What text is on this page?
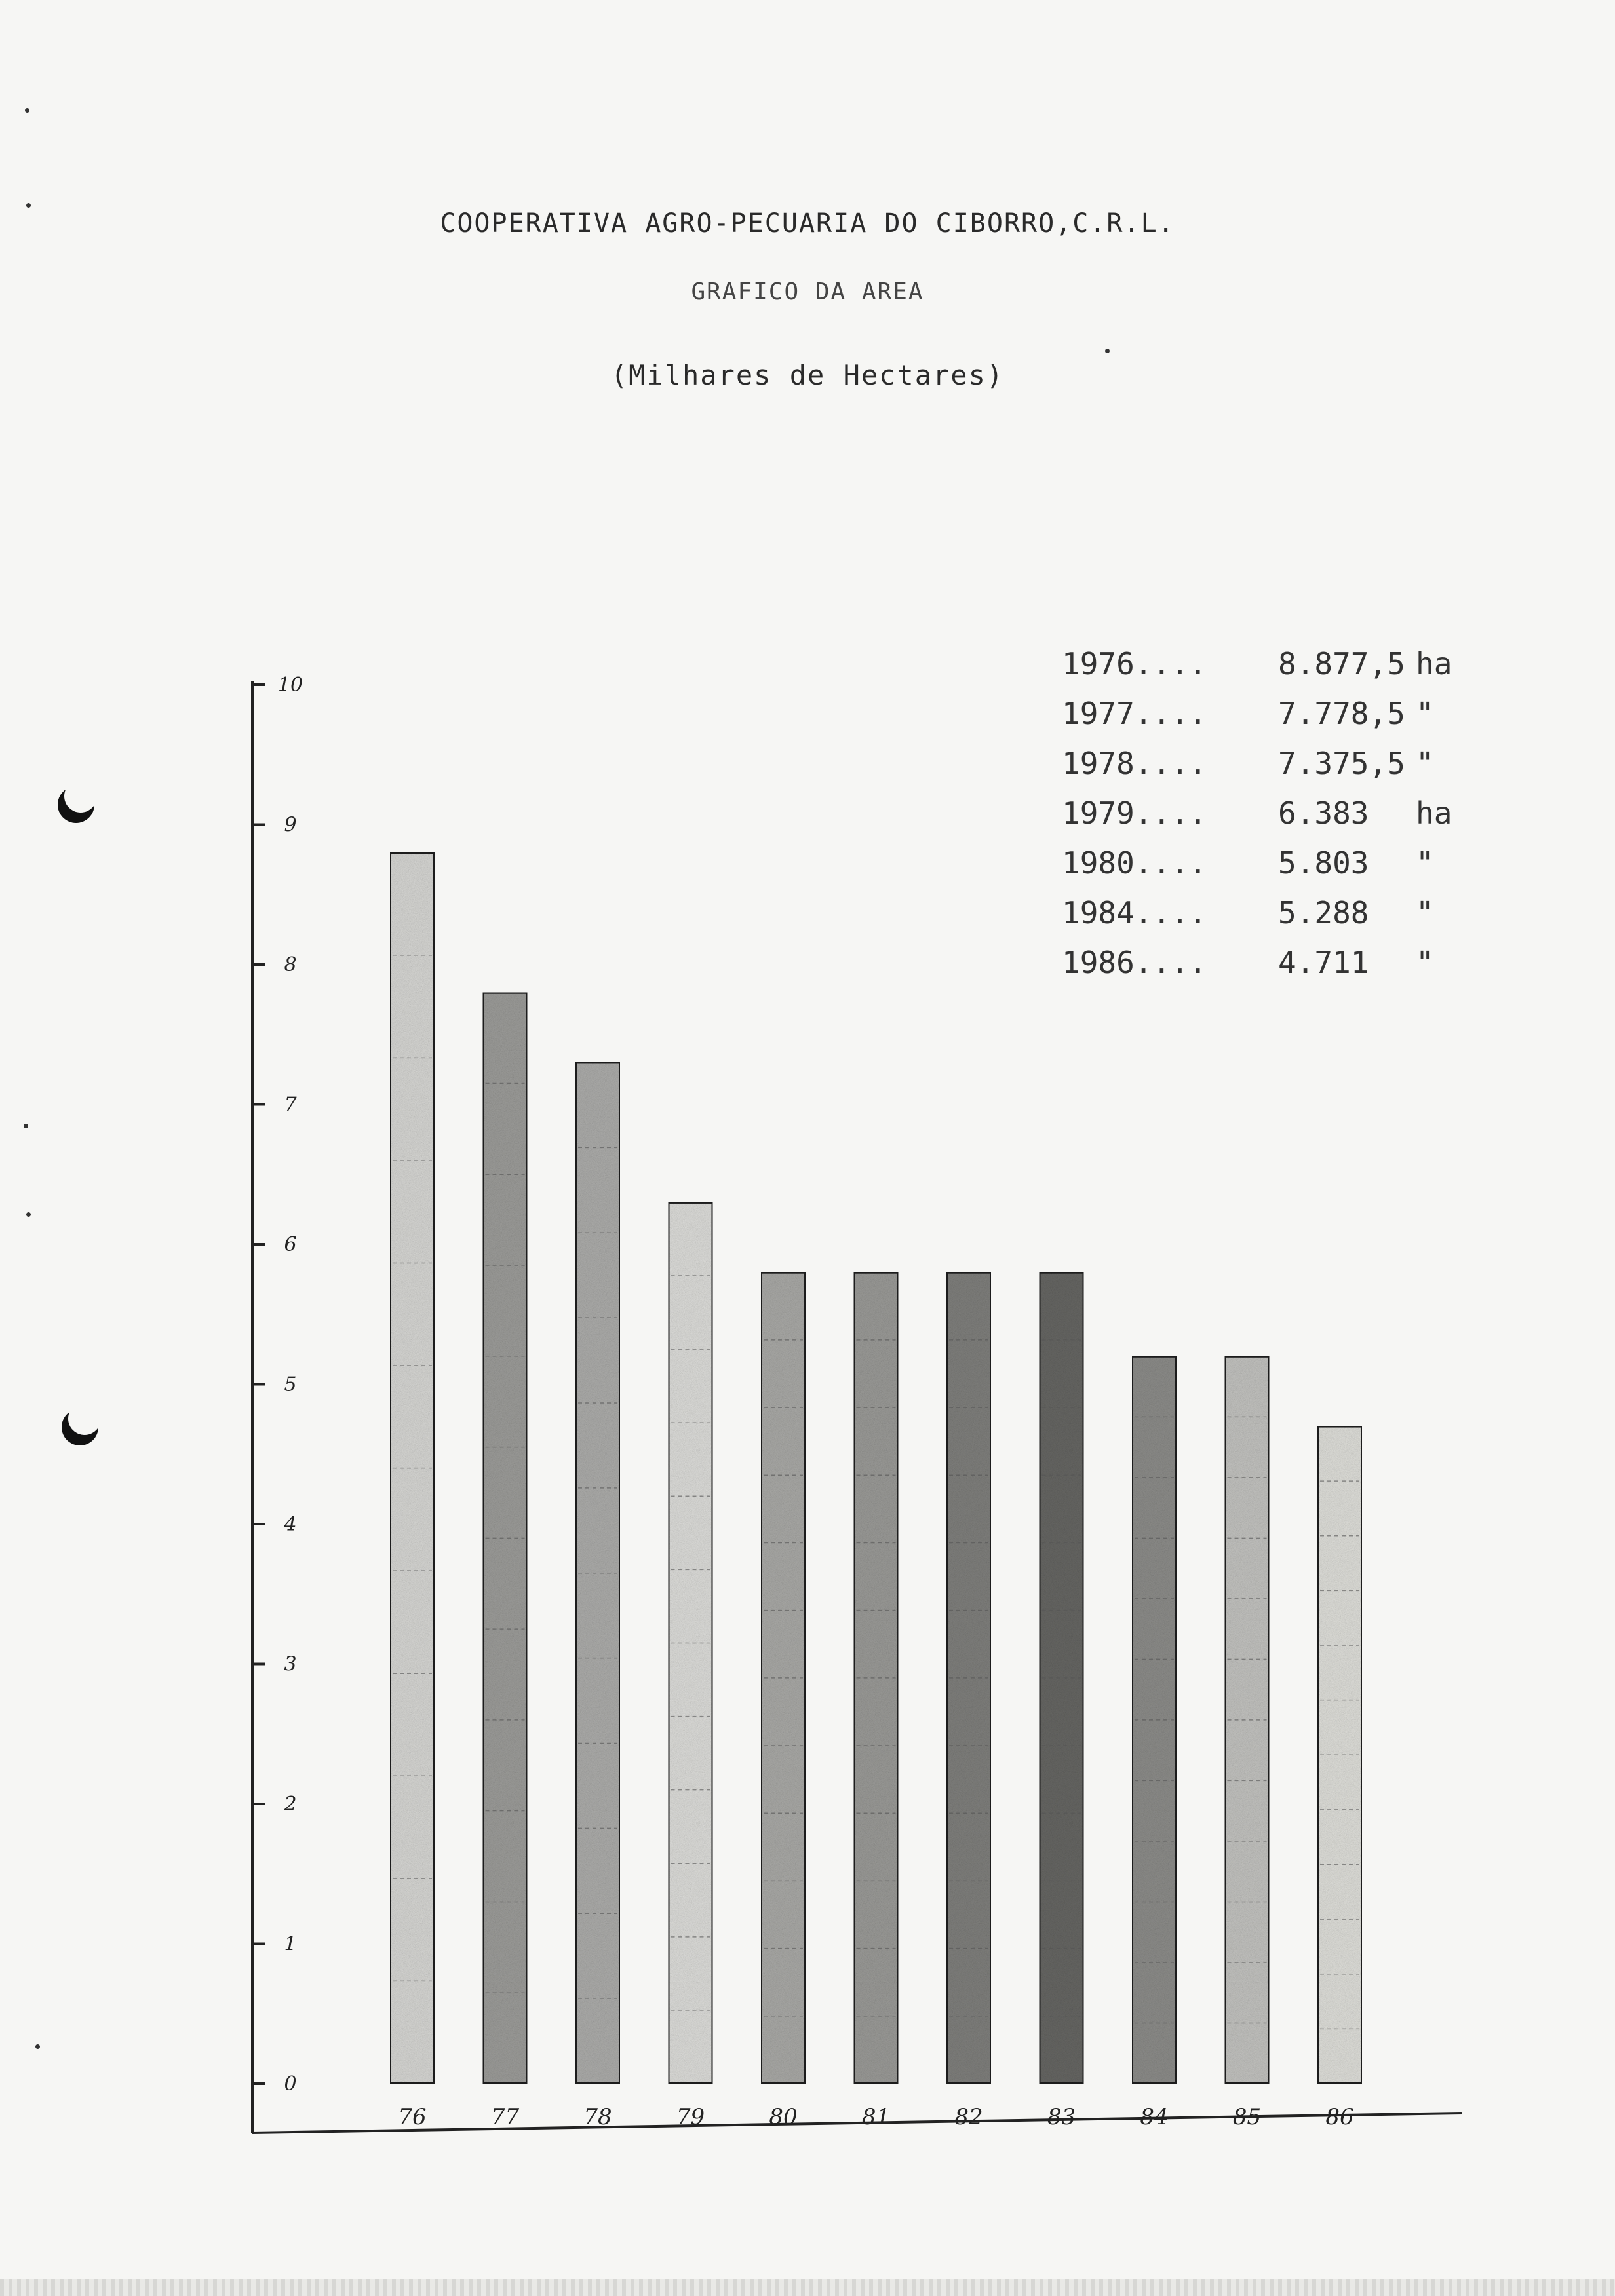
COOPERATIVA AGRO-PECUARIA DO CIBORRO,C.R.L.
GRAFICO DA AREA
(Milhares de Hectares)
1976....	8.877,5 ha
1977....	7.778,5 "
1978....	7.375,5 "
1979....	6.383	ha
1980....	5.803	"
1984....	5.288	"
1986....	4.711	"
0
1
2
3
4
5
6
7
8
9
10
76	77	78	79	80	81	82	83	84	85	86
